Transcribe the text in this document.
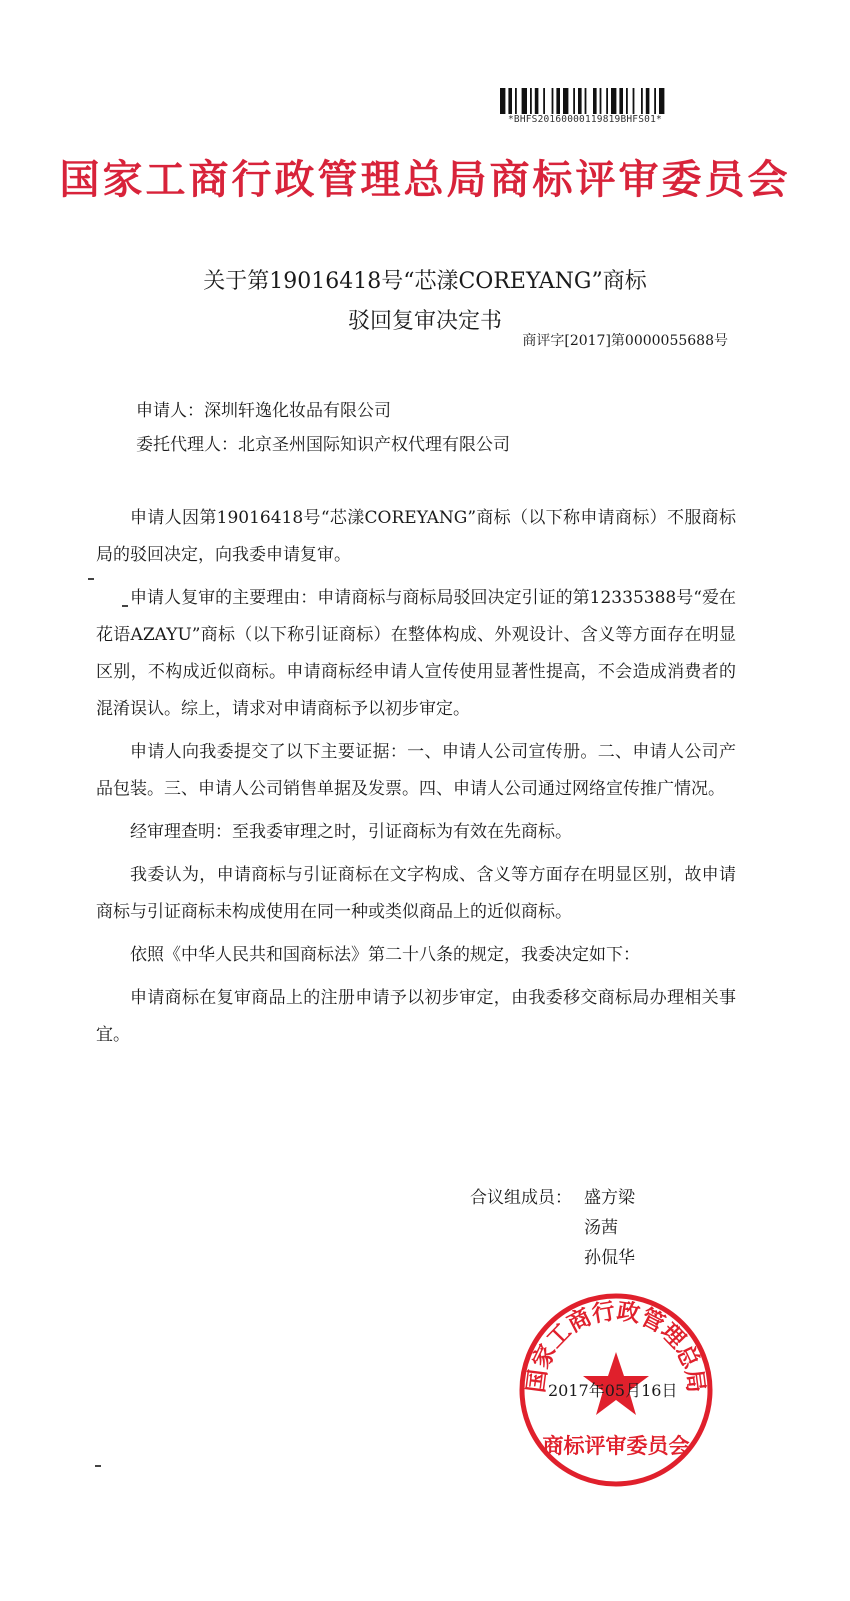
*BHFS20160000119819BHFS01*
国家工商行政管理总局商标评审委员会
关于第19016418号“芯漾COREYANG”商标
驳回复审决定书
商评字[2017]第0000055688号
申请人：深圳轩逸化妆品有限公司
委托代理人：北京圣州国际知识产权代理有限公司

申请人因第19016418号“芯漾COREYANG”商标（以下称申请商标）不服商标局的驳回决定，向我委申请复审。

申请人复审的主要理由：申请商标与商标局驳回决定引证的第12335388号“爱在花语AZAYU”商标（以下称引证商标）在整体构成、外观设计、含义等方面存在明显区别，不构成近似商标。申请商标经申请人宣传使用显著性提高，不会造成消费者的混淆误认。综上，请求对申请商标予以初步审定。

申请人向我委提交了以下主要证据：一、申请人公司宣传册。二、申请人公司产品包装。三、申请人公司销售单据及发票。四、申请人公司通过网络宣传推广情况。

经审理查明：至我委审理之时，引证商标为有效在先商标。

我委认为，申请商标与引证商标在文字构成、含义等方面存在明显区别，故申请商标与引证商标未构成使用在同一种或类似商品上的近似商标。

依照《中华人民共和国商标法》第二十八条的规定，我委决定如下：

申请商标在复审商品上的注册申请予以初步审定，由我委移交商标局办理相关事宜。

合议组成员： 盛方梁
汤茜
孙侃华
国家工商行政管理总局
商标评审委员会
2017年05月16日
